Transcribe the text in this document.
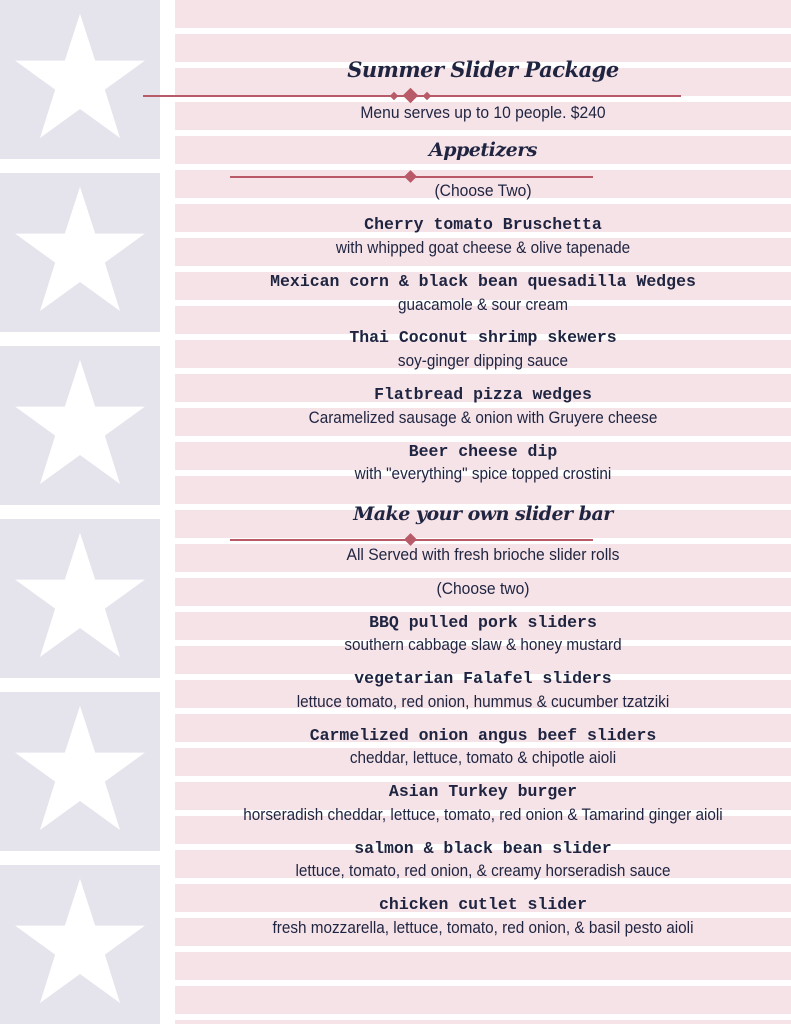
Summer Slider Package
Menu serves up to 10 people. $240
Appetizers
(Choose Two)
Cherry tomato Bruschetta
with whipped goat cheese & olive tapenade
Mexican corn & black bean quesadilla Wedges
guacamole & sour cream
Thai Coconut shrimp skewers
soy-ginger dipping sauce
Flatbread pizza wedges
Caramelized sausage & onion with Gruyere cheese
Beer cheese dip
with "everything" spice topped crostini
Make your own slider bar
All Served with fresh brioche slider rolls
(Choose two)
BBQ pulled pork sliders
southern cabbage slaw & honey mustard
vegetarian Falafel sliders
lettuce tomato, red onion, hummus & cucumber tzatziki
Carmelized onion angus beef sliders
cheddar, lettuce, tomato & chipotle aioli
Asian Turkey burger
horseradish cheddar, lettuce, tomato, red onion & Tamarind ginger aioli
salmon & black bean slider
lettuce, tomato, red onion, & creamy horseradish sauce
chicken cutlet slider
fresh mozzarella, lettuce, tomato, red onion, & basil pesto aioli
